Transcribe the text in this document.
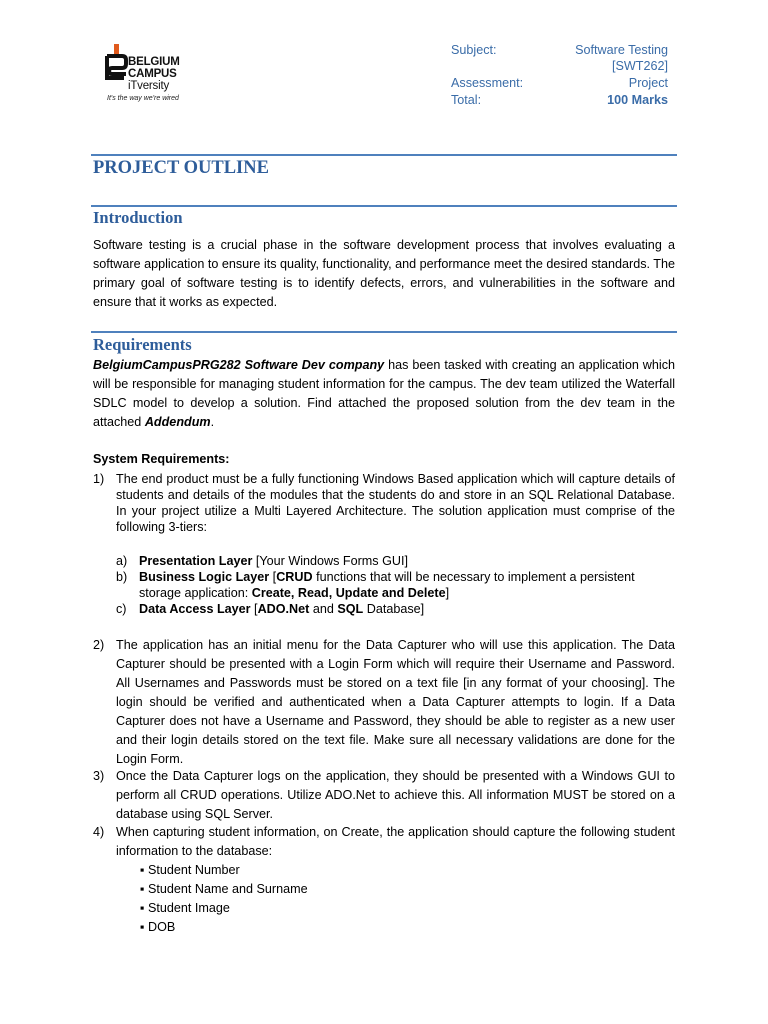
BELGIUM
CAMPUS
iTversity
It's the way we're wired
Subject:	Software Testing
[SWT262]
Assessment:	Project
Total:	100 Marks
PROJECT OUTLINE
Introduction
Software testing is a crucial phase in the software development process that involves evaluating a software application to ensure its quality, functionality, and performance meet the desired standards. The primary goal of software testing is to identify defects, errors, and vulnerabilities in the software and ensure that it works as expected.
Requirements
BelgiumCampusPRG282 Software Dev company has been tasked with creating an application which will be responsible for managing student information for the campus. The dev team utilized the Waterfall SDLC model to develop a solution. Find attached the proposed solution from the dev team in the attached Addendum.
System Requirements:
1) The end product must be a fully functioning Windows Based application which will capture details of students and details of the modules that the students do and store in an SQL Relational Database. In your project utilize a Multi Layered Architecture. The solution application must comprise of the following 3-tiers:
a) Presentation Layer [Your Windows Forms GUI]
b) Business Logic Layer [CRUD functions that will be necessary to implement a persistent storage application: Create, Read, Update and Delete]
c) Data Access Layer [ADO.Net and SQL Database]
2) The application has an initial menu for the Data Capturer who will use this application. The Data Capturer should be presented with a Login Form which will require their Username and Password. All Usernames and Passwords must be stored on a text file [in any format of your choosing]. The login should be verified and authenticated when a Data Capturer attempts to login. If a Data Capturer does not have a Username and Password, they should be able to register as a new user and their login details stored on the text file. Make sure all necessary validations are done for the Login Form.
3) Once the Data Capturer logs on the application, they should be presented with a Windows GUI to perform all CRUD operations. Utilize ADO.Net to achieve this. All information MUST be stored on a database using SQL Server.
4) When capturing student information, on Create, the application should capture the following student information to the database:
▪ Student Number
▪ Student Name and Surname
▪ Student Image
▪ DOB
